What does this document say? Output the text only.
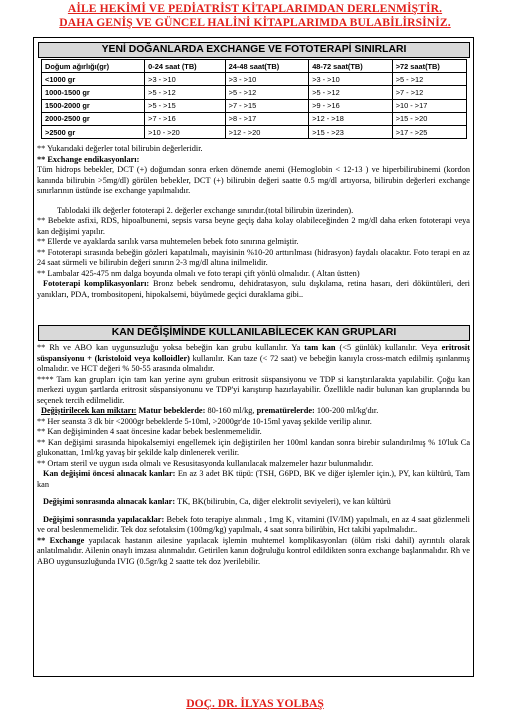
AİLE HEKİMİ VE PEDİATRİST KİTAPLARIMDAN DERLENMİŞTİR.
DAHA GENİŞ VE GÜNCEL HALİNİ KİTAPLARIMDA BULABİLİRSİNİZ.
YENİ DOĞANLARDA EXCHANGE VE FOTOTERAPİ SINIRLARI
Doğum ağırlığı(gr)	0-24 saat (TB)	24-48 saat(TB)	48-72 saat(TB)	>72 saat(TB)
<1000 gr	>3 - >10	>3 - >10	>3 - >10	>5 - >12
1000-1500 gr	>5 - >12	>5 - >12	>5 - >12	>7 - >12
1500-2000 gr	>5 - >15	>7 - >15	>9 - >16	>10 - >17
2000-2500 gr	>7 - >16	>8 - >17	>12 - >18	>15 - >20
>2500 gr	>10 - >20	>12 - >20	>15 - >23	>17 - >25

** Yukarıdaki değerler total bilirubin değerleridir.

** Exchange endikasyonları:

Tüm hidrops bebekler, DCT (+) doğumdan sonra erken dönemde anemi (Hemoglobin < 12-13 ) ve hiperbilirubinemi (kordon kanında bilirubin >5mg/dl) görülen bebekler, DCT (+) bilirubin değeri saatte 0.5 mg/dl artıyorsa, bilirubin değerleri exchange sınırlarının üstünde ise exchange yapılmalıdır.

Tablodaki ilk değerler fototerapi 2. değerler exchange sınırıdır.(total bilirubin üzerinden).

** Bebekte asfixi, RDS, hipoalbunemi, sepsis varsa beyne geçiş daha kolay olabileceğinden 2 mg/dl daha erken fototerapi veya kan değişimi yapılır.

** Ellerde ve ayaklarda sarılık varsa muhtemelen bebek foto sınırına gelmiştir.

** Fototerapi sırasında bebeğin gözleri kapatılmalı, mayisinin %10-20 arttırılması (hidrasyon) faydalı olacaktır. Foto terapi en az 24 saat sürmeli ve bilirubin değeri sınırın 2-3 mg/dl altına inilmelidir.

** Lambalar 425-475 nm dalga boyunda olmalı ve foto terapi çift yönlü olmalıdır. ( Altan üstten)

Fototerapi komplikasyonları: Bronz bebek sendromu, dehidratasyon, sulu dışkılama, retina hasarı, deri döküntüleri, deri yanıkları, PDA, trombositopeni, hipokalsemi, büyümede geçici duraklama gibi..

KAN DEĞİŞİMİNDE KULLANILABİLECEK KAN GRUPLARI

** Rh ve ABO kan uygunsuzluğu yoksa bebeğin kan grubu kullanılır. Ya tam kan (<5 günlük) kullanılır. Veya eritrosit süspansiyonu + (kristoloid veya kolloidler) kullanılır. Kan taze (< 72 saat) ve bebeğin kanıyla cross-match edilmiş ışınlanmış olmalıdır. ve HCT değeri % 50-55 arasında olmalıdır.

**** Tam kan grupları için tam kan yerine aynı grubun eritrosit süspansiyonu ve TDP si karıştırılarakta yapılabilir. Çoğu kan merkezi uygun şartlarda eritrosit süspansiyonunu ve TDP'yi karıştırıp hazırlayabilir. Özellikle nadir bulunan kan gruplarında bu seçenek tercih edilmelidir.

Değiştirilecek kan miktarı: Matur bebeklerde: 80-160 ml/kg, prematürelerde: 100-200 ml/kg'dır.

** Her seansta 3 dk bir <2000gr bebeklerde 5-10ml, >2000gr'de 10-15ml yavaş şekilde verilip alınır.

** Kan değişiminden 4 saat öncesine kadar bebek beslenmemelidir.

** Kan değişimi sırasında hipokalsemiyi engellemek için değiştirilen her 100ml kandan sonra birebir sulandırılmış % 10'luk Ca glukonattan, 1ml/kg yavaş bir şekilde kalp dinlenerek verilir.

** Ortam steril ve uygun ısıda olmalı ve Resusitasyonda kullanılacak malzemeler hazır bulunmalıdır.

Kan değişimi öncesi alınacak kanlar: En az 3 adet BK tüpü: (TSH, G6PD, BK ve diğer işlemler için.), PY, kan kültürü, Tam kan

Değişimi sonrasında alınacak kanlar: TK, BK(bilirubin, Ca, diğer elektrolit seviyeleri), ve kan kültürü

Değişimi sonrasında yapılacaklar: Bebek foto terapiye alınmalı , 1mg K₁ vitamini (IV/IM) yapılmalı, en az 4 saat gözlenmeli ve oral beslenmemelidir. Tek doz sefotaksim (100mg/kg) yapılmalı, 4 saat sonra bilirübin, Hct takibi yapılmalıdır..

** Exchange yapılacak hastanın ailesine yapılacak işlemin muhtemel komplikasyonları (ölüm riski dahil) ayrıntılı olarak anlatılmalıdır. Ailenin onaylı imzası alınmalıdır. Getirilen kanın doğruluğu kontrol edildikten sonra exchange başlanmalıdır. Rh ve ABO uygunsuzluğunda IVIG (0.5gr/kg 2 saatte tek doz )verilebilir.

DOÇ. DR. İLYAS YOLBAŞ
